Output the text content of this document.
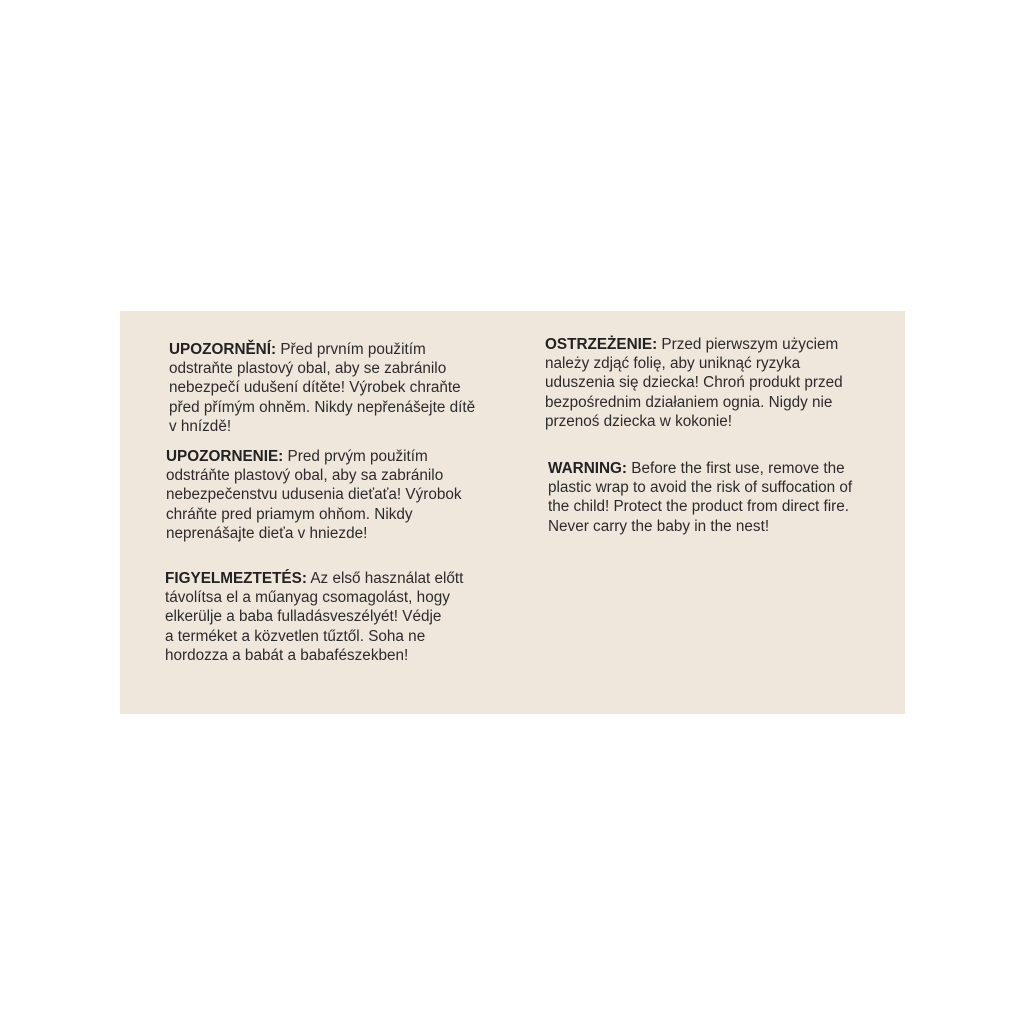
UPOZORNĚNÍ: Před prvním použitím
odstraňte plastový obal, aby se zabránilo
nebezpečí udušení dítěte! Výrobek chraňte
před přímým ohněm. Nikdy nepřenášejte dítě
v hnízdě!

UPOZORNENIE: Pred prvým použitím
odstráňte plastový obal, aby sa zabránilo
nebezpečenstvu udusenia dieťaťa! Výrobok
chráňte pred priamym ohňom. Nikdy
neprenášajte dieťa v hniezde!

FIGYELMEZTETÉS: Az első használat előtt
távolítsa el a műanyag csomagolást, hogy
elkerülje a baba fulladásveszélyét! Védje
a terméket a közvetlen tűztől. Soha ne
hordozza a babát a babafészekben!

OSTRZEŻENIE: Przed pierwszym użyciem
należy zdjąć folię, aby uniknąć ryzyka
uduszenia się dziecka! Chroń produkt przed
bezpośrednim działaniem ognia. Nigdy nie
przenoś dziecka w kokonie!

WARNING: Before the first use, remove the
plastic wrap to avoid the risk of suffocation of
the child! Protect the product from direct fire.
Never carry the baby in the nest!
